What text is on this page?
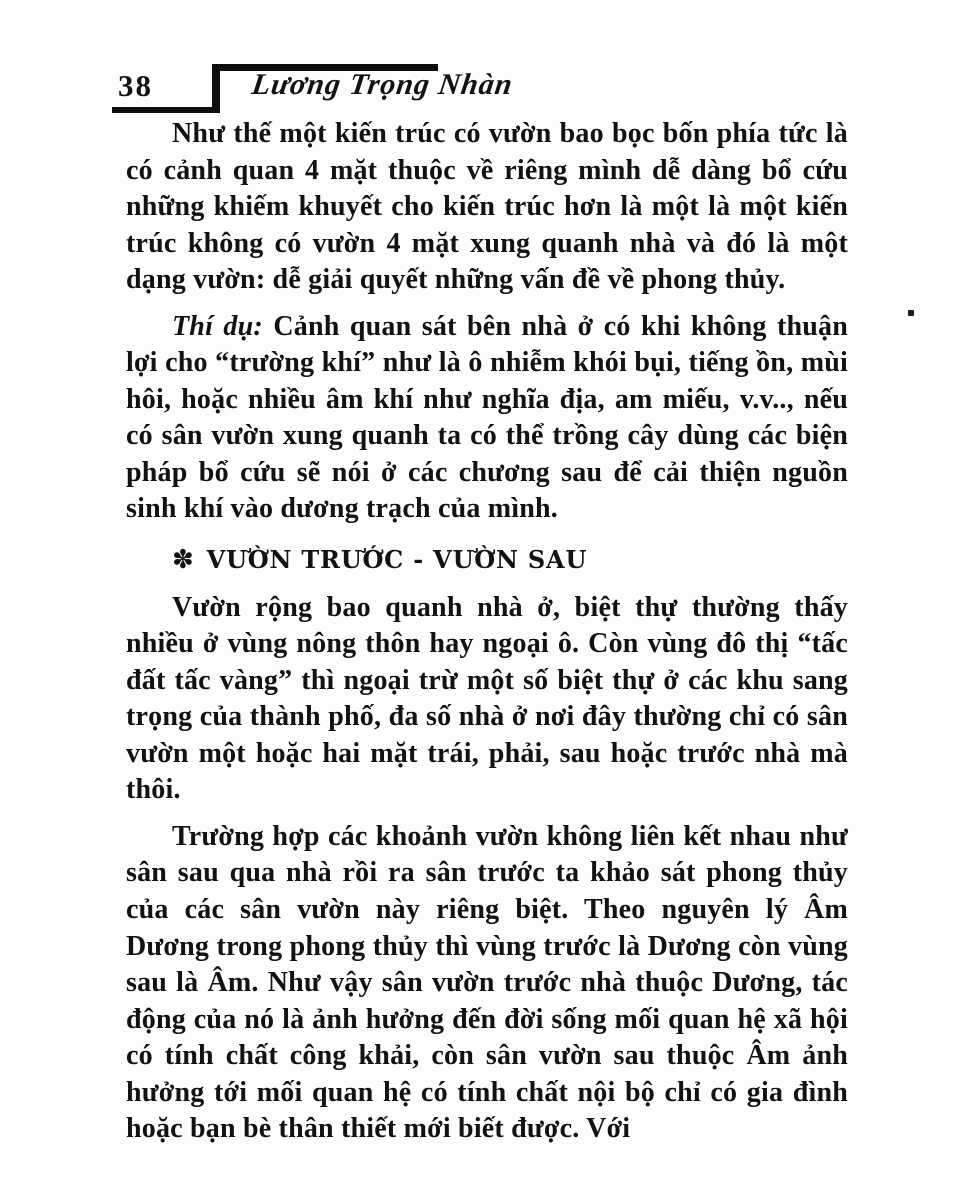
38	Lương Trọng Nhàn

Như thế một kiến trúc có vườn bao bọc bốn phía tức là có cảnh quan 4 mặt thuộc về riêng mình dễ dàng bổ cứu những khiếm khuyết cho kiến trúc hơn là một là một kiến trúc không có vườn 4 mặt xung quanh nhà và đó là một dạng vườn: dễ giải quyết những vấn đề về phong thủy.

Thí dụ: Cảnh quan sát bên nhà ở có khi không thuận lợi cho “trường khí” như là ô nhiễm khói bụi, tiếng ồn, mùi hôi, hoặc nhiều âm khí như nghĩa địa, am miếu, v.v.., nếu có sân vườn xung quanh ta có thể trồng cây dùng các biện pháp bổ cứu sẽ nói ở các chương sau để cải thiện nguồn sinh khí vào dương trạch của mình.

✽ VƯỜN TRƯỚC - VƯỜN SAU

Vườn rộng bao quanh nhà ở, biệt thự thường thấy nhiều ở vùng nông thôn hay ngoại ô. Còn vùng đô thị “tấc đất tấc vàng” thì ngoại trừ một số biệt thự ở các khu sang trọng của thành phố, đa số nhà ở nơi đây thường chỉ có sân vườn một hoặc hai mặt trái, phải, sau hoặc trước nhà mà thôi.

Trường hợp các khoảnh vườn không liên kết nhau như sân sau qua nhà rồi ra sân trước ta khảo sát phong thủy của các sân vườn này riêng biệt. Theo nguyên lý Âm Dương trong phong thủy thì vùng trước là Dương còn vùng sau là Âm. Như vậy sân vườn trước nhà thuộc Dương, tác động của nó là ảnh hưởng đến đời sống mối quan hệ xã hội có tính chất công khải, còn sân vườn sau thuộc Âm ảnh hưởng tới mối quan hệ có tính chất nội bộ chỉ có gia đình hoặc bạn bè thân thiết mới biết được. Với
